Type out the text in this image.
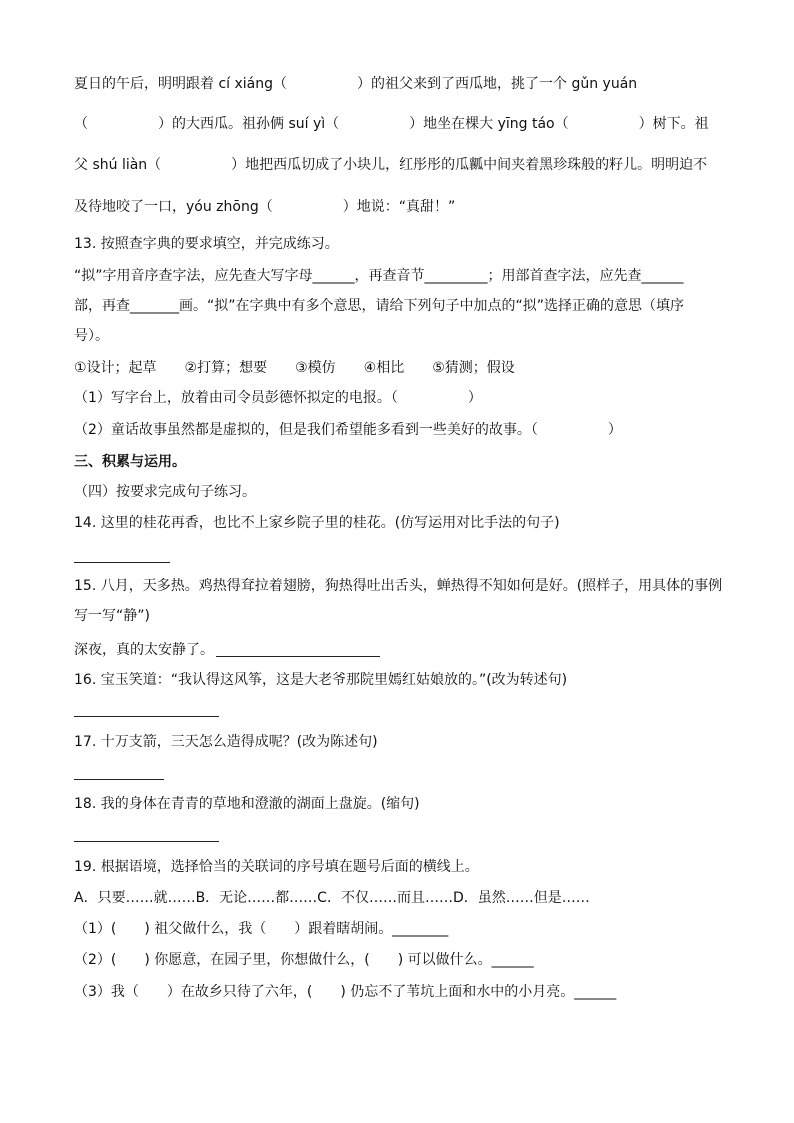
夏日的午后，明明跟着 cí xiáng（　　　　　）的祖父来到了西瓜地，挑了一个 gǔn yuán
（　　　　　）的大西瓜。祖孙俩 suí yì（　　　　　）地坐在棵大 yīng táo（　　　　　）树下。祖
父 shú liàn（　　　　　）地把西瓜切成了小块儿，红彤彤的瓜瓤中间夹着黑珍珠般的籽儿。明明迫不
及待地咬了一口，yóu zhōng（　　　　　）地说：“真甜！”
13. 按照查字典的要求填空，并完成练习。
“拟”字用音序查字法，应先查大写字母______，再查音节_________；用部首查字法，应先查______
部，再查_______画。“拟”在字典中有多个意思，请给下列句子中加点的“拟”选择正确的意思（填序
号）。
①设计；起草　　②打算；想要　　③模仿　　④相比　　⑤猜测；假设
（1）写字台上，放着由司令员彭德怀拟定的电报。（　　　　　）
（2）童话故事虽然都是虚拟的，但是我们希望能多看到一些美好的故事。（　　　　　）
三、积累与运用。
（四）按要求完成句子练习。
14. 这里的桂花再香，也比不上家乡院子里的桂花。(仿写运用对比手法的句子)
15. 八月，天多热。鸡热得耷拉着翅膀，狗热得吐出舌头，蝉热得不知如何是好。(照样子，用具体的事例
写一写“静”)
深夜，真的太安静了。
16. 宝玉笑道：“我认得这风筝，这是大老爷那院里嫣红姑娘放的。”(改为转述句)
17. 十万支箭，三天怎么造得成呢？(改为陈述句)
18. 我的身体在青青的草地和澄澈的湖面上盘旋。(缩句)
19. 根据语境，选择恰当的关联词的序号填在题号后面的横线上。
A．只要……就……B．无论……都……C．不仅……而且……D．虽然……但是……
（1）(　　) 祖父做什么，我（　　）跟着瞎胡闹。________
（2）(　　) 你愿意，在园子里，你想做什么，(　　) 可以做什么。______
（3）我（　　）在故乡只待了六年，(　　) 仍忘不了苇坑上面和水中的小月亮。______
